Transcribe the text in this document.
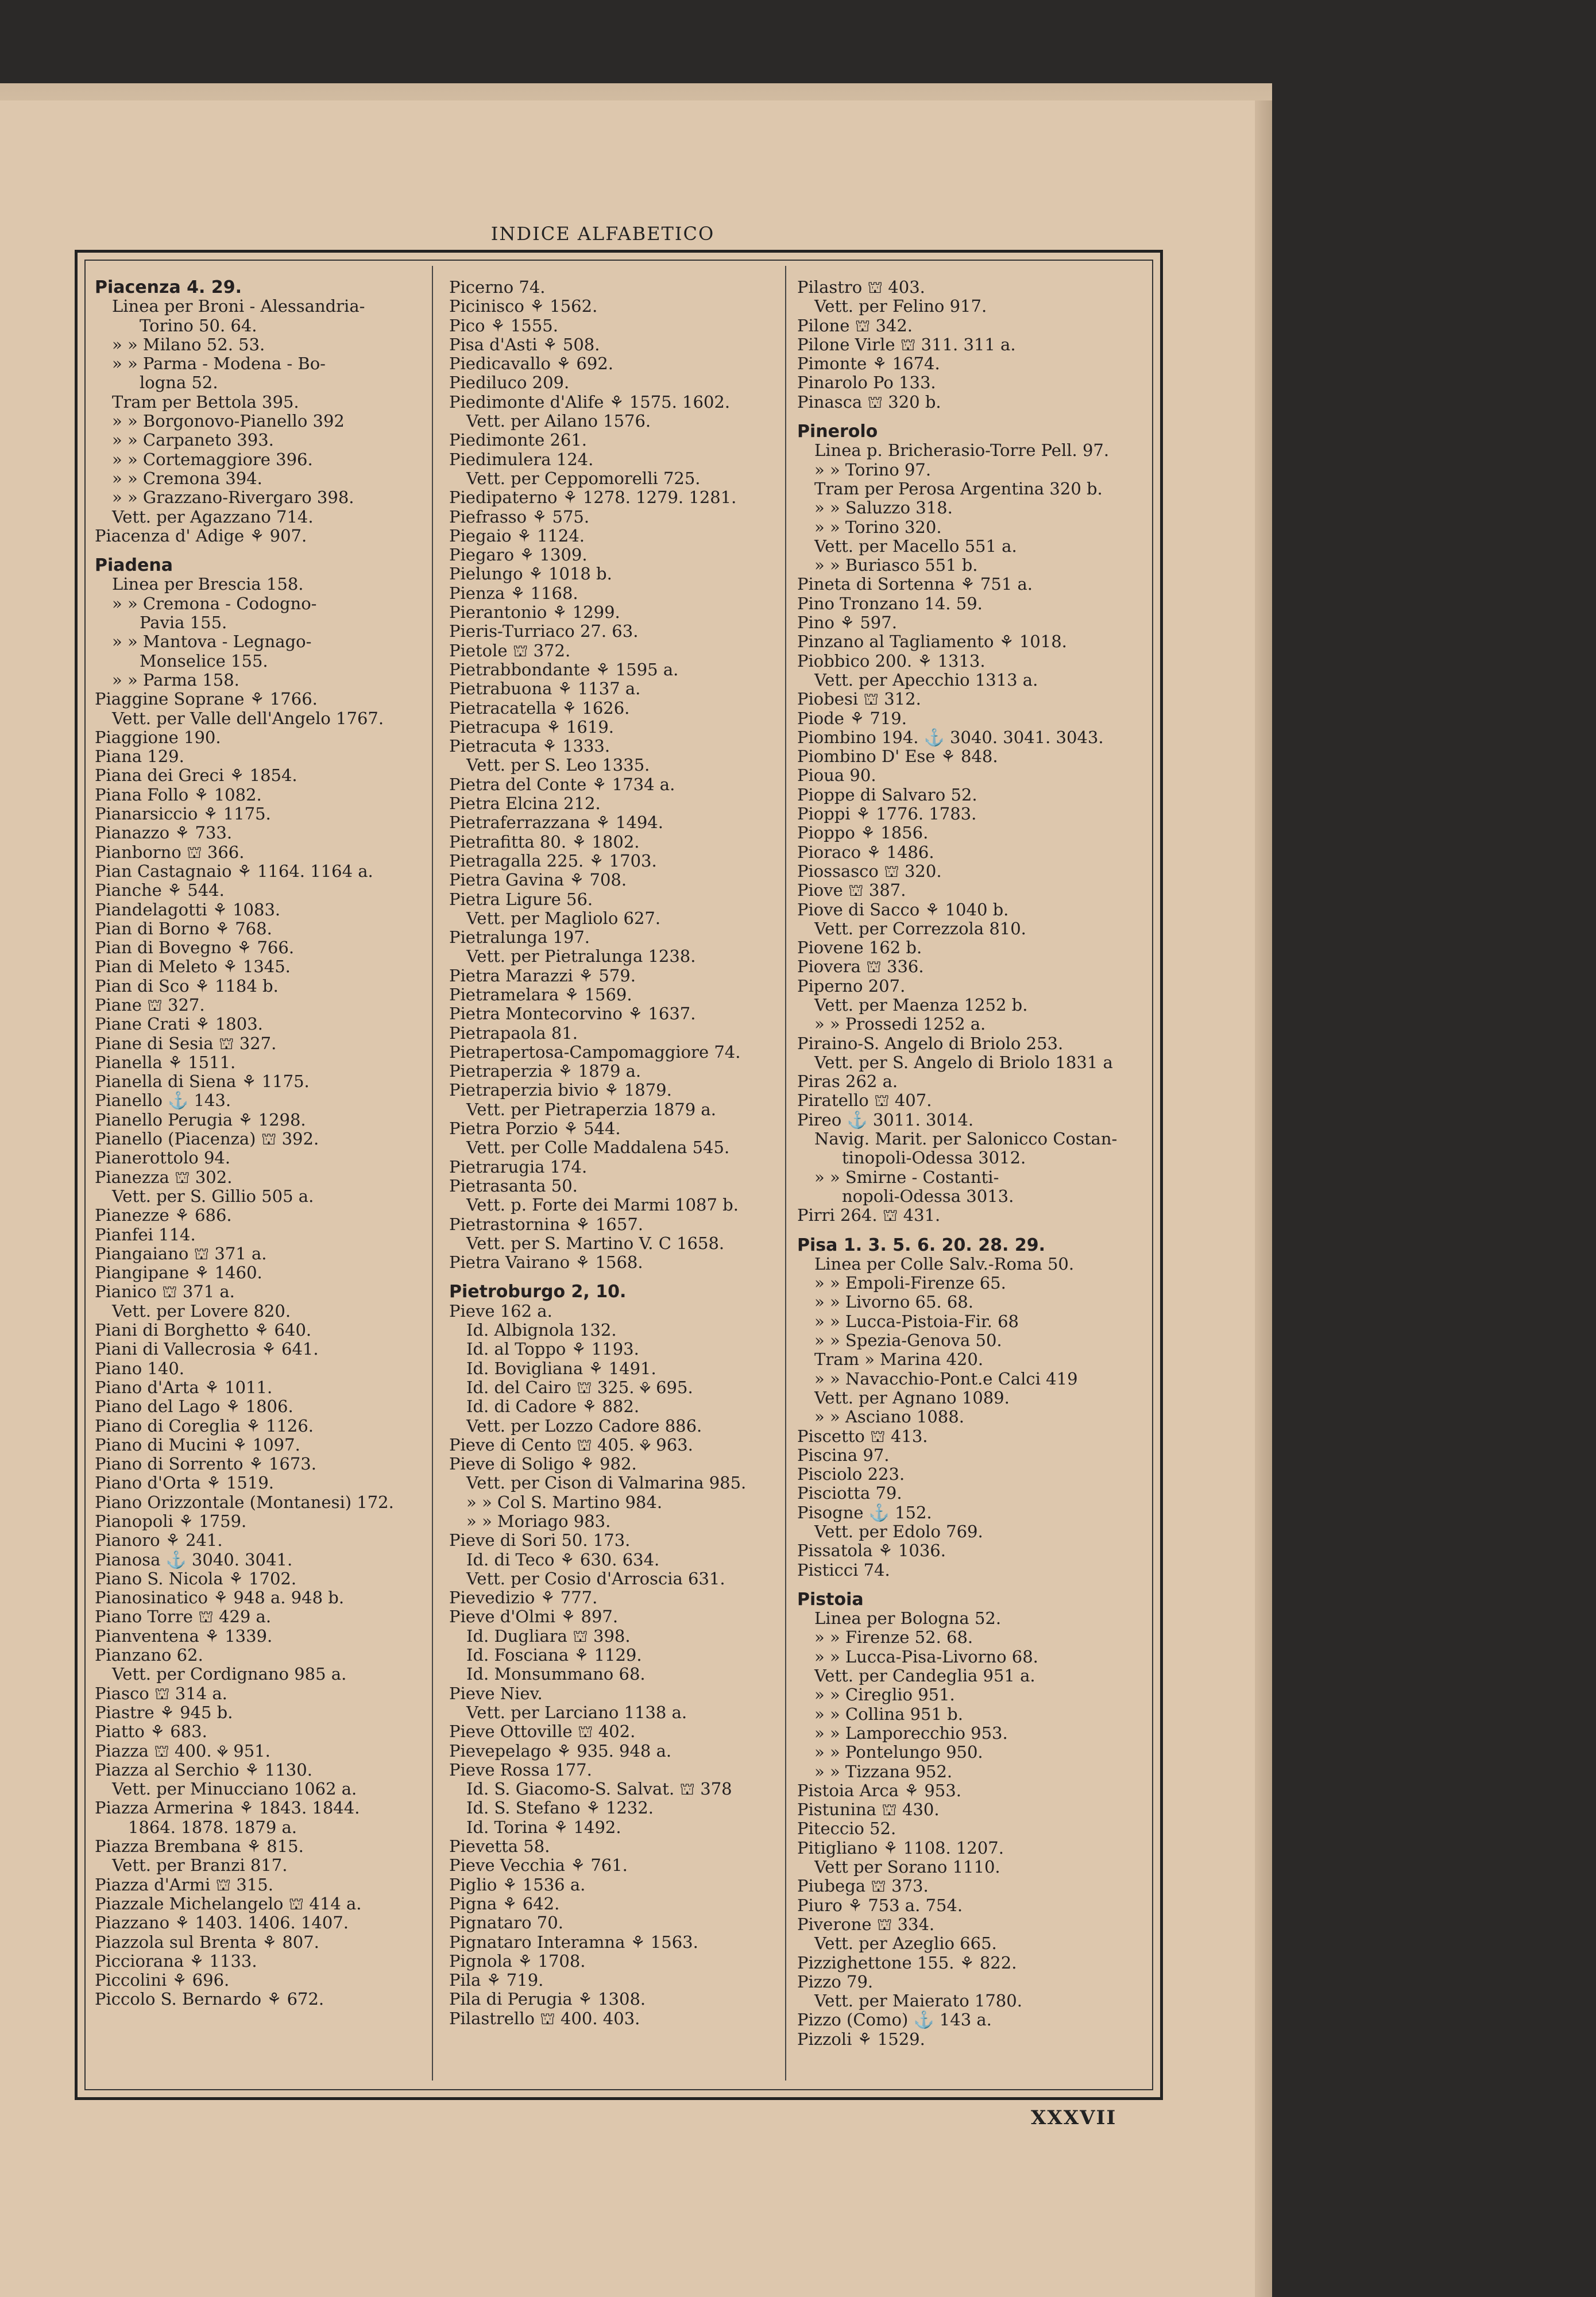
INDICE ALFABETICO

Piacenza 4. 29.

Linea per Broni - Alessandria-

Torino 50. 64.

» » Milano 52. 53.

» » Parma - Modena - Bo-

logna 52.

Tram per Bettola 395.

» » Borgonovo-Pianello 392

» » Carpaneto 393.

» » Cortemaggiore 396.

» » Cremona 394.

» » Grazzano-Rivergaro 398.

Vett. per Agazzano 714.

Piacenza d' Adige ⚘ 907.

Piadena

Linea per Brescia 158.

» » Cremona - Codogno-

Pavia 155.

» » Mantova - Legnago-

Monselice 155.

» » Parma 158.

Piaggine Soprane ⚘ 1766.

Vett. per Valle dell'Angelo 1767.

Piaggione 190.

Piana 129.

Piana dei Greci ⚘ 1854.

Piana Follo ⚘ 1082.

Pianarsiccio ⚘ 1175.

Pianazzo ⚘ 733.

Pianborno ⛫ 366.

Pian Castagnaio ⚘ 1164. 1164 a.

Pianche ⚘ 544.

Piandelagotti ⚘ 1083.

Pian di Borno ⚘ 768.

Pian di Bovegno ⚘ 766.

Pian di Meleto ⚘ 1345.

Pian di Sco ⚘ 1184 b.

Piane ⛫ 327.

Piane Crati ⚘ 1803.

Piane di Sesia ⛫ 327.

Pianella ⚘ 1511.

Pianella di Siena ⚘ 1175.

Pianello ⚓ 143.

Pianello Perugia ⚘ 1298.

Pianello (Piacenza) ⛫ 392.

Pianerottolo 94.

Pianezza ⛫ 302.

Vett. per S. Gillio 505 a.

Pianezze ⚘ 686.

Pianfei 114.

Piangaiano ⛫ 371 a.

Piangipane ⚘ 1460.

Pianico ⛫ 371 a.

Vett. per Lovere 820.

Piani di Borghetto ⚘ 640.

Piani di Vallecrosia ⚘ 641.

Piano 140.

Piano d'Arta ⚘ 1011.

Piano del Lago ⚘ 1806.

Piano di Coreglia ⚘ 1126.

Piano di Mucini ⚘ 1097.

Piano di Sorrento ⚘ 1673.

Piano d'Orta ⚘ 1519.

Piano Orizzontale (Montanesi) 172.

Pianopoli ⚘ 1759.

Pianoro ⚘ 241.

Pianosa ⚓ 3040. 3041.

Piano S. Nicola ⚘ 1702.

Pianosinatico ⚘ 948 a. 948 b.

Piano Torre ⛫ 429 a.

Pianventena ⚘ 1339.

Pianzano 62.

Vett. per Cordignano 985 a.

Piasco ⛫ 314 a.

Piastre ⚘ 945 b.

Piatto ⚘ 683.

Piazza ⛫ 400. ⚘ 951.

Piazza al Serchio ⚘ 1130.

Vett. per Minucciano 1062 a.

Piazza Armerina ⚘ 1843. 1844.

1864. 1878. 1879 a.

Piazza Brembana ⚘ 815.

Vett. per Branzi 817.

Piazza d'Armi ⛫ 315.

Piazzale Michelangelo ⛫ 414 a.

Piazzano ⚘ 1403. 1406. 1407.

Piazzola sul Brenta ⚘ 807.

Picciorana ⚘ 1133.

Piccolini ⚘ 696.

Piccolo S. Bernardo ⚘ 672.

Picerno 74.

Picinisco ⚘ 1562.

Pico ⚘ 1555.

Pisa d'Asti ⚘ 508.

Piedicavallo ⚘ 692.

Piediluco 209.

Piedimonte d'Alife ⚘ 1575. 1602.

Vett. per Ailano 1576.

Piedimonte 261.

Piedimulera 124.

Vett. per Ceppomorelli 725.

Piedipaterno ⚘ 1278. 1279. 1281.

Piefrasso ⚘ 575.

Piegaio ⚘ 1124.

Piegaro ⚘ 1309.

Pielungo ⚘ 1018 b.

Pienza ⚘ 1168.

Pierantonio ⚘ 1299.

Pieris-Turriaco 27. 63.

Pietole ⛫ 372.

Pietrabbondante ⚘ 1595 a.

Pietrabuona ⚘ 1137 a.

Pietracatella ⚘ 1626.

Pietracupa ⚘ 1619.

Pietracuta ⚘ 1333.

Vett. per S. Leo 1335.

Pietra del Conte ⚘ 1734 a.

Pietra Elcina 212.

Pietraferrazzana ⚘ 1494.

Pietrafitta 80. ⚘ 1802.

Pietragalla 225. ⚘ 1703.

Pietra Gavina ⚘ 708.

Pietra Ligure 56.

Vett. per Magliolo 627.

Pietralunga 197.

Vett. per Pietralunga 1238.

Pietra Marazzi ⚘ 579.

Pietramelara ⚘ 1569.

Pietra Montecorvino ⚘ 1637.

Pietrapaola 81.

Pietrapertosa-Campomaggiore 74.

Pietraperzia ⚘ 1879 a.

Pietraperzia bivio ⚘ 1879.

Vett. per Pietraperzia 1879 a.

Pietra Porzio ⚘ 544.

Vett. per Colle Maddalena 545.

Pietrarugia 174.

Pietrasanta 50.

Vett. p. Forte dei Marmi 1087 b.

Pietrastornina ⚘ 1657.

Vett. per S. Martino V. C 1658.

Pietra Vairano ⚘ 1568.

Pietroburgo 2, 10.

Pieve 162 a.

Id. Albignola 132.

Id. al Toppo ⚘ 1193.

Id. Bovigliana ⚘ 1491.

Id. del Cairo ⛫ 325. ⚘ 695.

Id. di Cadore ⚘ 882.

Vett. per Lozzo Cadore 886.

Pieve di Cento ⛫ 405. ⚘ 963.

Pieve di Soligo ⚘ 982.

Vett. per Cison di Valmarina 985.

» » Col S. Martino 984.

» » Moriago 983.

Pieve di Sori 50. 173.

Id. di Teco ⚘ 630. 634.

Vett. per Cosio d'Arroscia 631.

Pievedizio ⚘ 777.

Pieve d'Olmi ⚘ 897.

Id. Dugliara ⛫ 398.

Id. Fosciana ⚘ 1129.

Id. Monsummano 68.

Pieve Niev.

Vett. per Larciano 1138 a.

Pieve Ottoville ⛫ 402.

Pievepelago ⚘ 935. 948 a.

Pieve Rossa 177.

Id. S. Giacomo-S. Salvat. ⛫ 378

Id. S. Stefano ⚘ 1232.

Id. Torina ⚘ 1492.

Pievetta 58.

Pieve Vecchia ⚘ 761.

Piglio ⚘ 1536 a.

Pigna ⚘ 642.

Pignataro 70.

Pignataro Interamna ⚘ 1563.

Pignola ⚘ 1708.

Pila ⚘ 719.

Pila di Perugia ⚘ 1308.

Pilastrello ⛫ 400. 403.

Pilastro ⛫ 403.

Vett. per Felino 917.

Pilone ⛫ 342.

Pilone Virle ⛫ 311. 311 a.

Pimonte ⚘ 1674.

Pinarolo Po 133.

Pinasca ⛫ 320 b.

Pinerolo

Linea p. Bricherasio-Torre Pell. 97.

» » Torino 97.

Tram per Perosa Argentina 320 b.

» » Saluzzo 318.

» » Torino 320.

Vett. per Macello 551 a.

» » Buriasco 551 b.

Pineta di Sortenna ⚘ 751 a.

Pino Tronzano 14. 59.

Pino ⚘ 597.

Pinzano al Tagliamento ⚘ 1018.

Piobbico 200. ⚘ 1313.

Vett. per Apecchio 1313 a.

Piobesi ⛫ 312.

Piode ⚘ 719.

Piombino 194. ⚓ 3040. 3041. 3043.

Piombino D' Ese ⚘ 848.

Pioua 90.

Pioppe di Salvaro 52.

Pioppi ⚘ 1776. 1783.

Pioppo ⚘ 1856.

Pioraco ⚘ 1486.

Piossasco ⛫ 320.

Piove ⛫ 387.

Piove di Sacco ⚘ 1040 b.

Vett. per Correzzola 810.

Piovene 162 b.

Piovera ⛫ 336.

Piperno 207.

Vett. per Maenza 1252 b.

» » Prossedi 1252 a.

Piraino-S. Angelo di Briolo 253.

Vett. per S. Angelo di Briolo 1831 a

Piras 262 a.

Piratello ⛫ 407.

Pireo ⚓ 3011. 3014.

Navig. Marit. per Salonicco Costan-

tinopoli-Odessa 3012.

» » Smirne - Costanti-

nopoli-Odessa 3013.

Pirri 264. ⛫ 431.

Pisa 1. 3. 5. 6. 20. 28. 29.

Linea per Colle Salv.-Roma 50.

» » Empoli-Firenze 65.

» » Livorno 65. 68.

» » Lucca-Pistoia-Fir. 68

» » Spezia-Genova 50.

Tram » Marina 420.

» » Navacchio-Pont.e Calci 419

Vett. per Agnano 1089.

» » Asciano 1088.

Piscetto ⛫ 413.

Piscina 97.

Pisciolo 223.

Pisciotta 79.

Pisogne ⚓ 152.

Vett. per Edolo 769.

Pissatola ⚘ 1036.

Pisticci 74.

Pistoia

Linea per Bologna 52.

» » Firenze 52. 68.

» » Lucca-Pisa-Livorno 68.

Vett. per Candeglia 951 a.

» » Cireglio 951.

» » Collina 951 b.

» » Lamporecchio 953.

» » Pontelungo 950.

» » Tizzana 952.

Pistoia Arca ⚘ 953.

Pistunina ⛫ 430.

Piteccio 52.

Pitigliano ⚘ 1108. 1207.

Vett per Sorano 1110.

Piubega ⛫ 373.

Piuro ⚘ 753 a. 754.

Piverone ⛫ 334.

Vett. per Azeglio 665.

Pizzighettone 155. ⚘ 822.

Pizzo 79.

Vett. per Maierato 1780.

Pizzo (Como) ⚓ 143 a.

Pizzoli ⚘ 1529.

XXXVII
